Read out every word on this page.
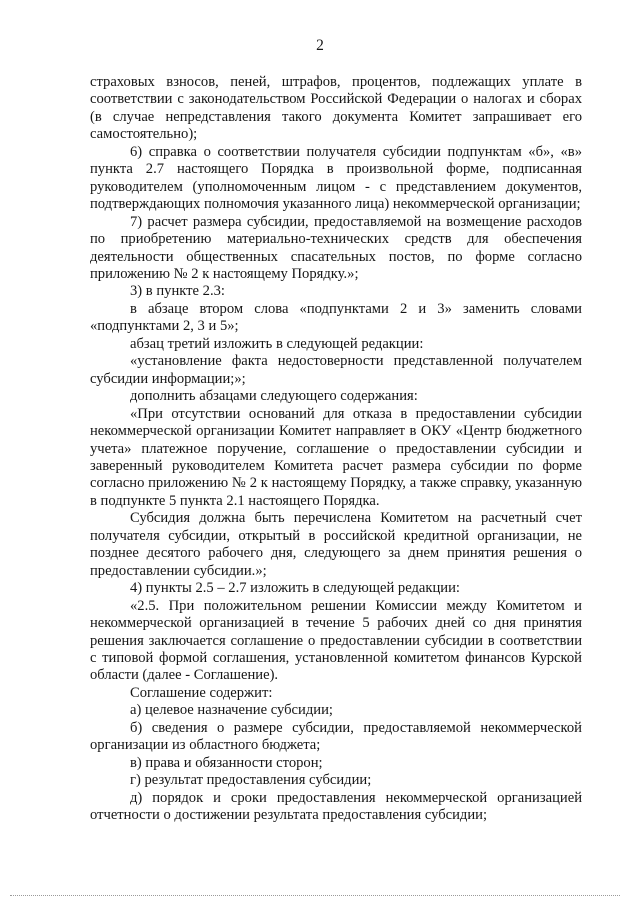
2

страховых взносов, пеней, штрафов, процентов, подлежащих уплате в соответствии с законодательством Российской Федерации о налогах и сборах (в случае непредставления такого документа Комитет запрашивает его самостоятельно);

6) справка о соответствии получателя субсидии подпунктам «б», «в» пункта 2.7 настоящего Порядка в произвольной форме, подписанная руководителем (уполномоченным лицом - с представлением документов, подтверждающих полномочия указанного лица) некоммерческой организации;

7) расчет размера субсидии, предоставляемой на возмещение расходов по приобретению материально-технических средств для обеспечения деятельности общественных спасательных постов, по форме согласно приложению № 2 к настоящему Порядку.»;

3) в пункте 2.3:

в абзаце втором слова «подпунктами 2 и 3» заменить словами «подпунктами 2, 3 и 5»;

абзац третий изложить в следующей редакции:

«установление факта недостоверности представленной получателем субсидии информации;»;

дополнить абзацами следующего содержания:

«При отсутствии оснований для отказа в предоставлении субсидии некоммерческой организации Комитет направляет в ОКУ «Центр бюджетного учета» платежное поручение, соглашение о предоставлении субсидии и заверенный руководителем Комитета расчет размера субсидии по форме согласно приложению № 2 к настоящему Порядку, а также справку, указанную в подпункте 5 пункта 2.1 настоящего Порядка.

Субсидия должна быть перечислена Комитетом на расчетный счет получателя субсидии, открытый в российской кредитной организации, не позднее десятого рабочего дня, следующего за днем принятия решения о предоставлении субсидии.»;

4) пункты 2.5 – 2.7 изложить в следующей редакции:

«2.5. При положительном решении Комиссии между Комитетом и некоммерческой организацией в течение 5 рабочих дней со дня принятия решения заключается соглашение о предоставлении субсидии в соответствии с типовой формой соглашения, установленной комитетом финансов Курской области (далее - Соглашение).

Соглашение содержит:

а) целевое назначение субсидии;

б) сведения о размере субсидии, предоставляемой некоммерческой организации из областного бюджета;

в) права и обязанности сторон;

г) результат предоставления субсидии;

д) порядок и сроки предоставления некоммерческой организацией отчетности о достижении результата предоставления субсидии;
